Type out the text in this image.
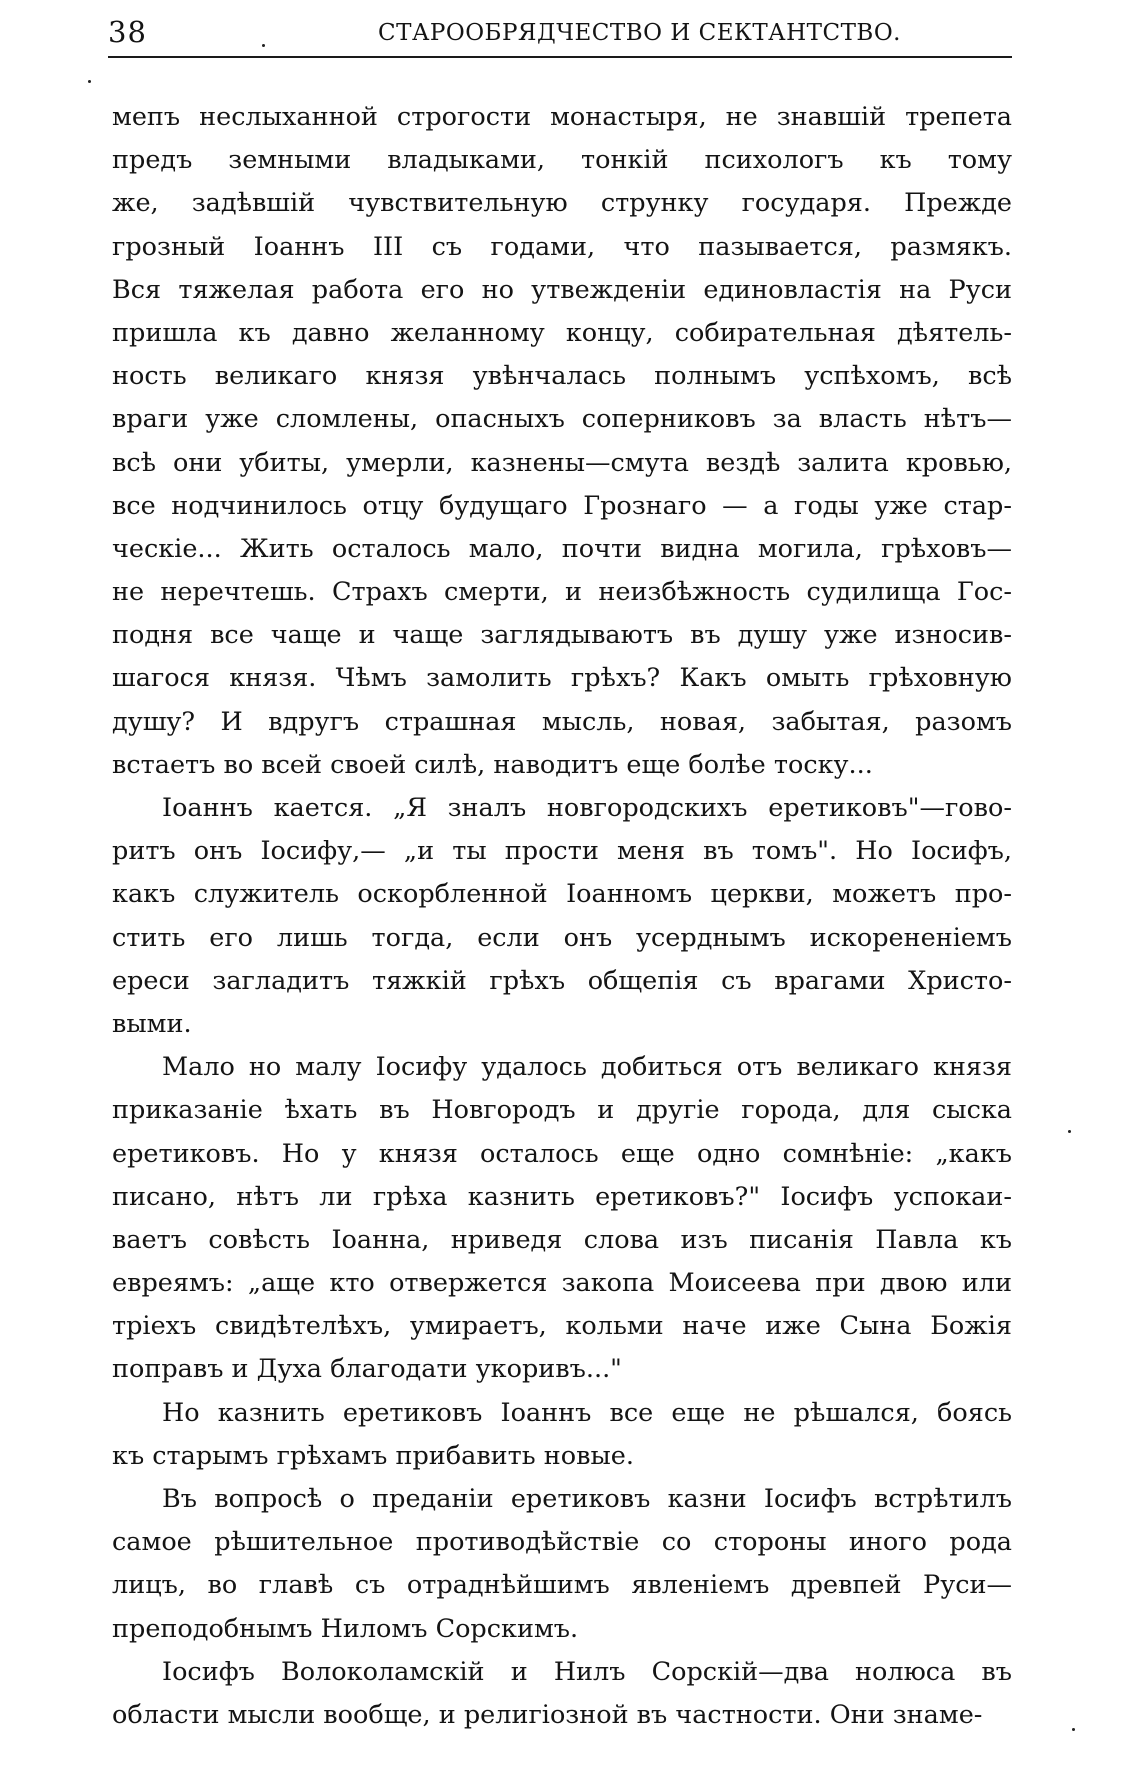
38	СТАРООБРЯДЧЕСТВО И СЕКТАНТСТВО.
мепъ неслыханной строгости монастыря, не знавшій трепета
предъ земными владыками, тонкій психологъ къ тому
же, задѣвшій чувствительную струнку государя. Прежде
грозный Іоаннъ III съ годами, что пазывается, размякъ.
Вся тяжелая работа его но утвежденіи единовластія на Руси
пришла къ давно желанному концу, собирательная дѣятель-
ность великаго князя увѣнчалась полнымъ успѣхомъ, всѣ
враги уже сломлены, опасныхъ соперниковъ за власть нѣтъ—
всѣ они убиты, умерли, казнены—смута вездѣ залита кровью,
все нодчинилось отцу будущаго Грознаго — а годы уже стар-
ческіе... Жить осталось мало, почти видна могила, грѣховъ—
не неречтешь. Страхъ смерти, и неизбѣжность судилища Гос-
подня все чаще и чаще заглядываютъ въ душу уже износив-
шагося князя. Чѣмъ замолить грѣхъ? Какъ омыть грѣховную
душу? И вдругъ страшная мысль, новая, забытая, разомъ
встаетъ во всей своей силѣ, наводитъ еще болѣе тоску...
Іоаннъ кается. „Я зналъ новгородскихъ еретиковъ"—гово-
ритъ онъ Іосифу,— „и ты прости меня въ томъ". Но Іосифъ,
какъ служитель оскорбленной Іоанномъ церкви, можетъ про-
стить его лишь тогда, если онъ усерднымъ искорененіемъ
ереси загладитъ тяжкій грѣхъ общепія съ врагами Христо-
выми.
Мало но малу Іосифу удалось добиться отъ великаго князя
приказаніе ѣхать въ Новгородъ и другіе города, для сыска
еретиковъ. Но у князя осталось еще одно сомнѣніе: „какъ
писано, нѣтъ ли грѣха казнить еретиковъ?" Іосифъ успокаи-
ваетъ совѣсть Іоанна, нриведя слова изъ писанія Павла къ
евреямъ: „аще кто отвержется закопа Моисеева при двою или
тріехъ свидѣтелѣхъ, умираетъ, кольми наче иже Сына Божія
поправъ и Духа благодати укоривъ..."
Но казнить еретиковъ Іоаннъ все еще не рѣшался, боясь
къ старымъ грѣхамъ прибавить новые.
Въ вопросѣ о преданіи еретиковъ казни Іосифъ встрѣтилъ
самое рѣшительное противодѣйствіе со стороны иного рода
лицъ, во главѣ съ отраднѣйшимъ явленіемъ древпей Руси—
преподобнымъ Ниломъ Сорскимъ.
Іосифъ Волоколамскій и Нилъ Сорскій—два нолюса въ
области мысли вообще, и религіозной въ частности. Они знаме-
